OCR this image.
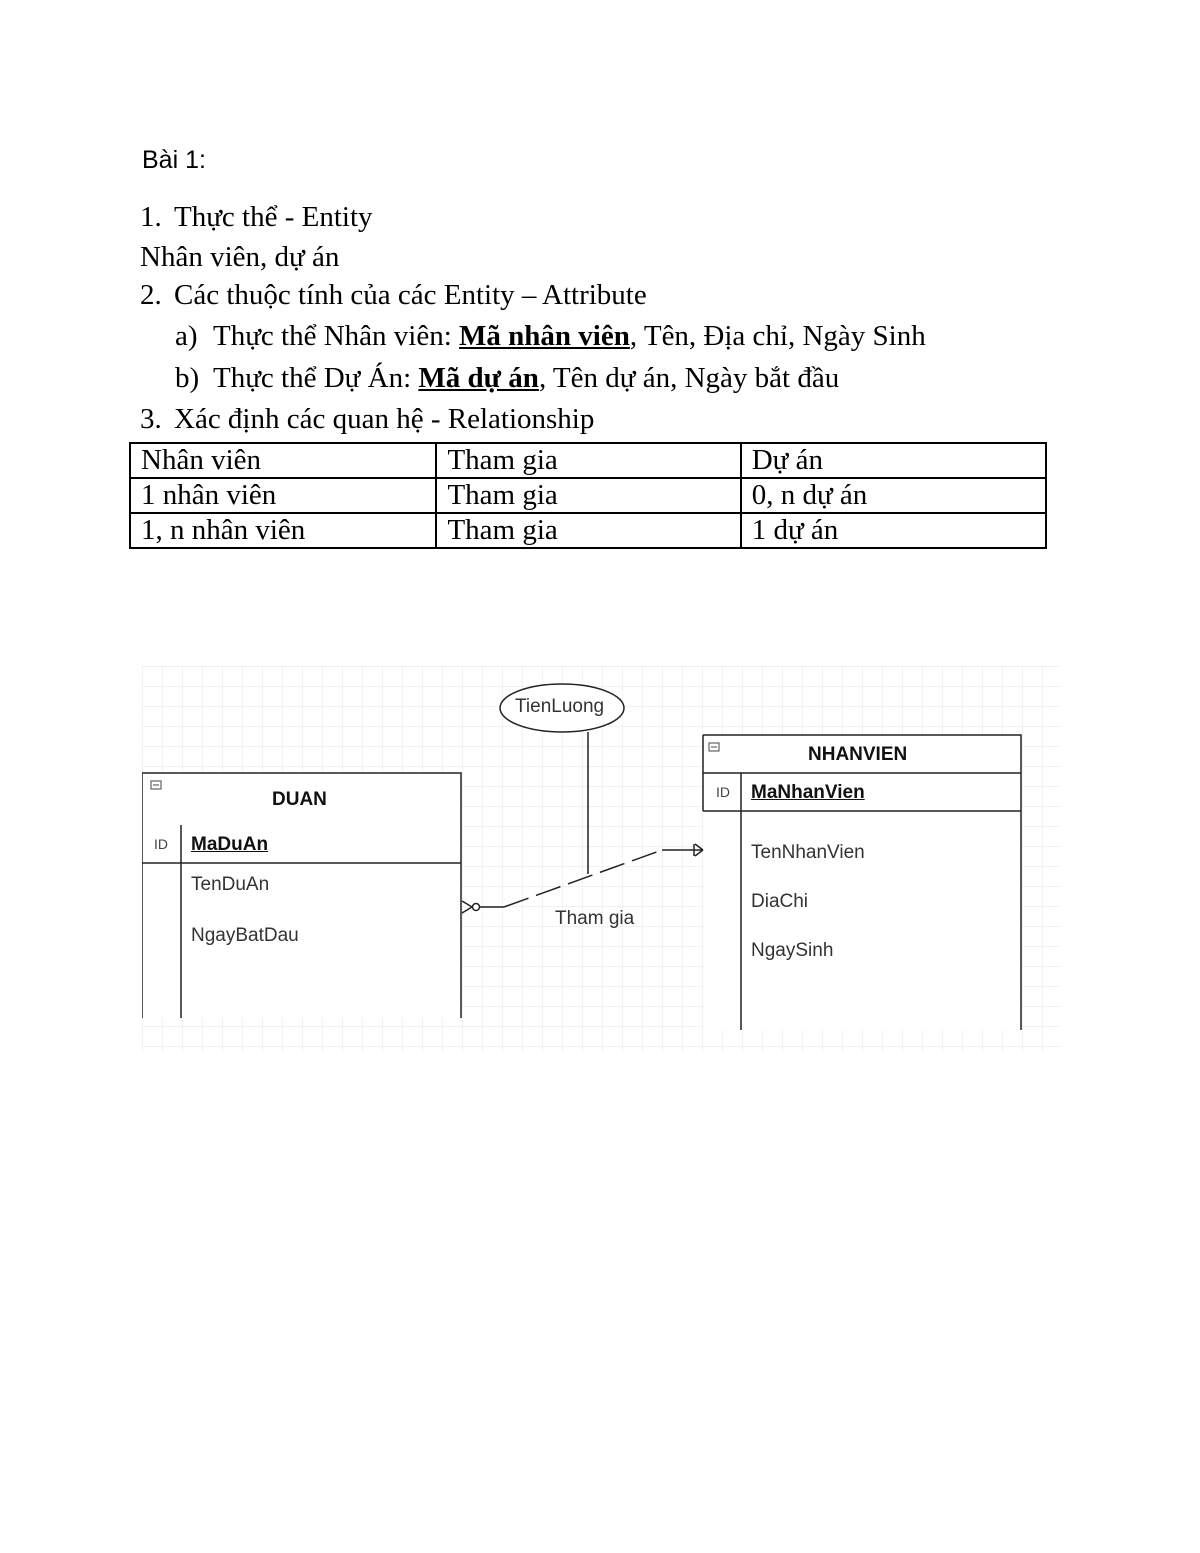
Bài 1:
1. Thực thể - Entity
Nhân viên, dự án
2. Các thuộc tính của các Entity – Attribute
a) Thực thể Nhân viên: Mã nhân viên, Tên, Địa chỉ, Ngày Sinh
b) Thực thể Dự Án: Mã dự án, Tên dự án, Ngày bắt đầu
3. Xác định các quan hệ - Relationship
Nhân viên	Tham gia	Dự án
1 nhân viên	Tham gia	0, n dự án
1, n nhân viên	Tham gia	1 dự án
TienLuong
Tham gia
DUAN
ID MaDuAn
TenDuAn
NgayBatDau
NHANVIEN
ID MaNhanVien
TenNhanVien
DiaChi
NgaySinh
